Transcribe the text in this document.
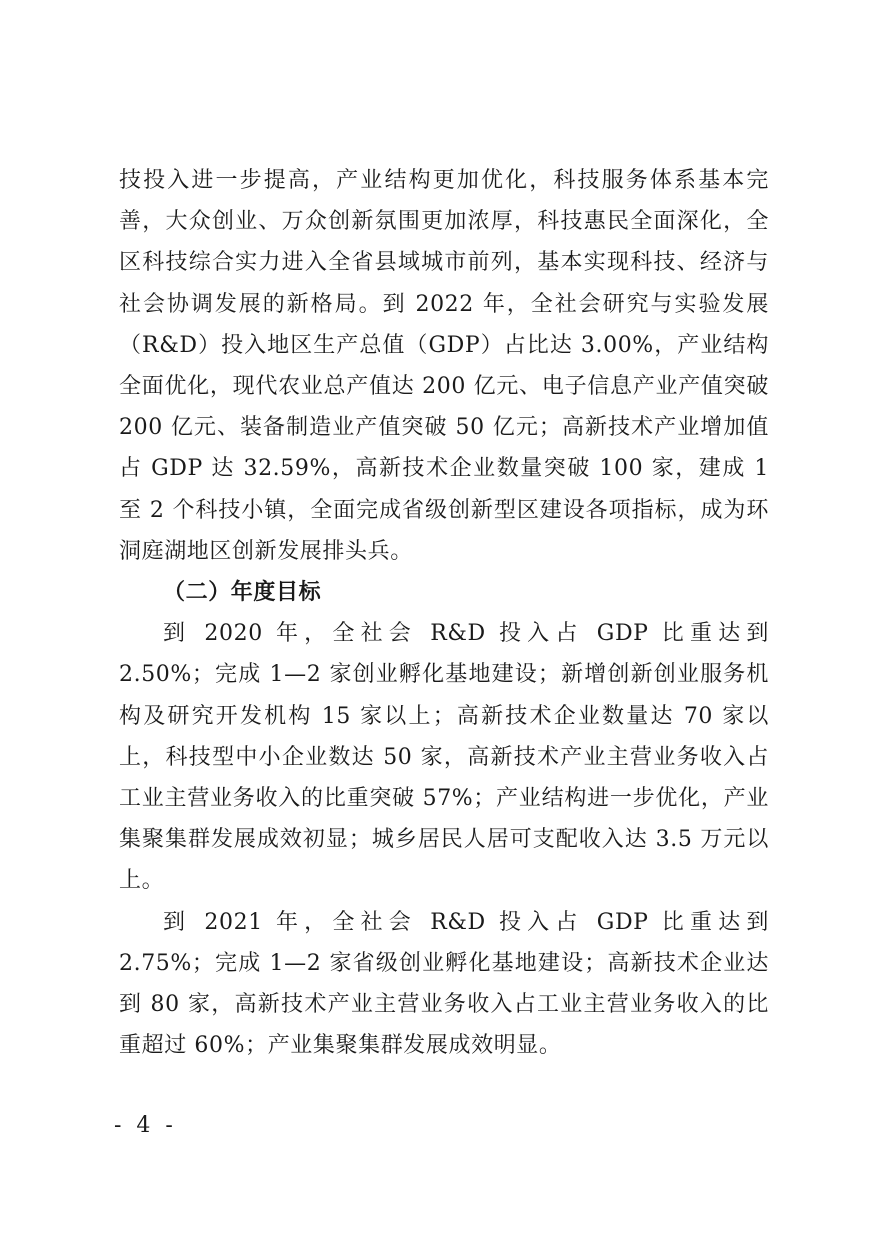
技投入进一步提高，产业结构更加优化，科技服务体系基本完善，大众创业、万众创新氛围更加浓厚，科技惠民全面深化，全区科技综合实力进入全省县域城市前列，基本实现科技、经济与社会协调发展的新格局。到 2022 年，全社会研究与实验发展（R&D）投入地区生产总值（GDP）占比达 3.00%，产业结构全面优化，现代农业总产值达 200 亿元、电子信息产业产值突破 200 亿元、装备制造业产值突破 50 亿元；高新技术产业增加值占 GDP 达 32.59%，高新技术企业数量突破 100 家，建成 1 至 2 个科技小镇，全面完成省级创新型区建设各项指标，成为环洞庭湖地区创新发展排头兵。

（二）年度目标

到 2020 年，全社会 R&D 投入占 GDP 比重达到 2.50%；完成 1—2 家创业孵化基地建设；新增创新创业服务机构及研究开发机构 15 家以上；高新技术企业数量达 70 家以上，科技型中小企业数达 50 家，高新技术产业主营业务收入占工业主营业务收入的比重突破 57%；产业结构进一步优化，产业集聚集群发展成效初显；城乡居民人居可支配收入达 3.5 万元以上。

到 2021 年，全社会 R&D 投入占 GDP 比重达到 2.75%；完成 1—2 家省级创业孵化基地建设；高新技术企业达到 80 家，高新技术产业主营业务收入占工业主营业务收入的比重超过 60%；产业集聚集群发展成效明显。

- 4 -
